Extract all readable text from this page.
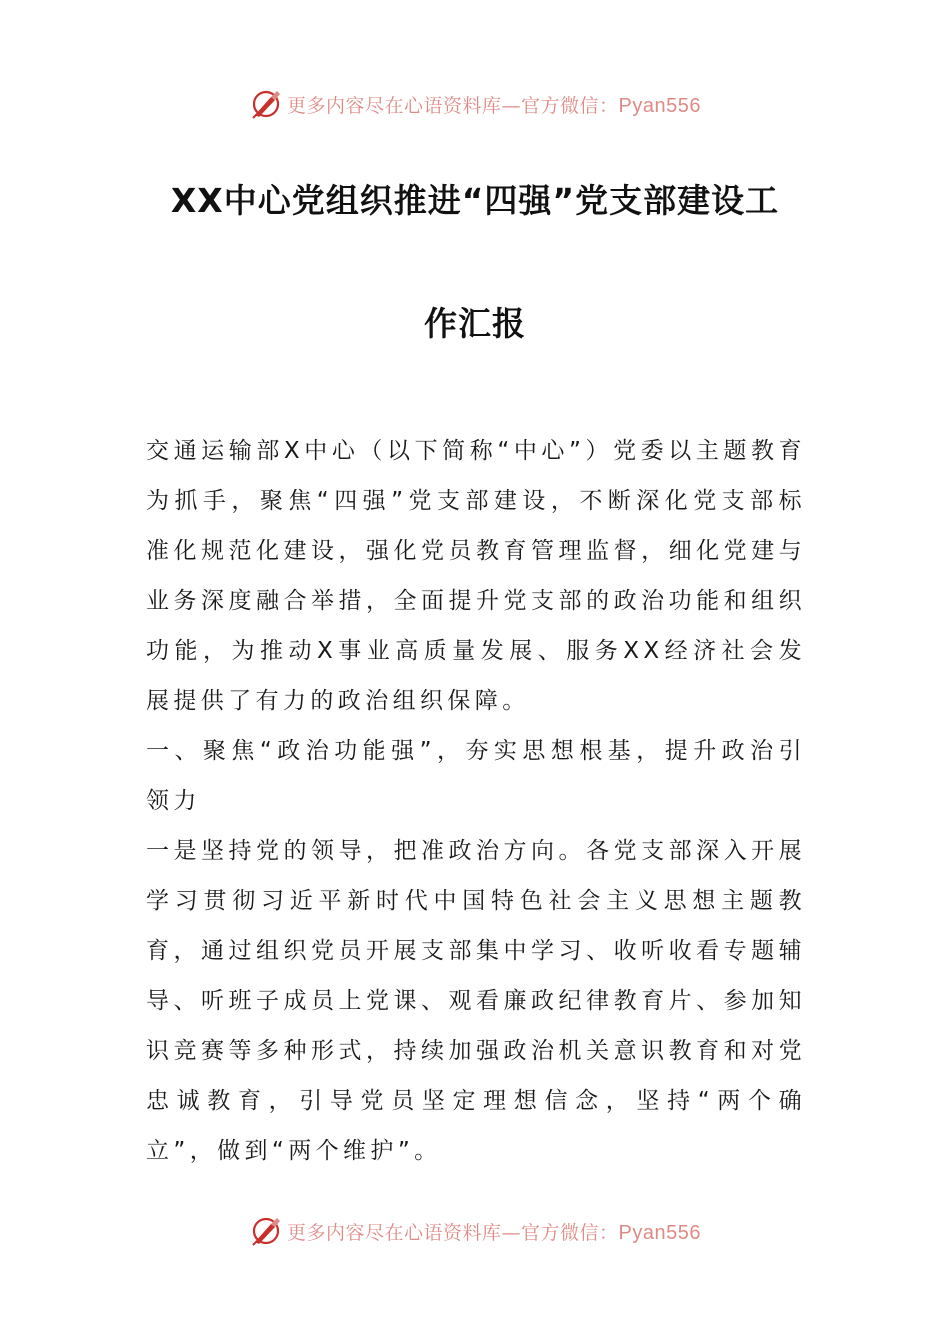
更多内容尽在心语资料库—官方微信：Pyan556
XX中心党组织推进“四强”党支部建设工
作汇报

交通运输部X中心（以下简称“中心”）党委以主题教育为抓手，聚焦“四强”党支部建设，不断深化党支部标准化规范化建设，强化党员教育管理监督，细化党建与业务深度融合举措，全面提升党支部的政治功能和组织功能，为推动X事业高质量发展、服务XX经济社会发展提供了有力的政治组织保障。

一、聚焦“政治功能强”，夯实思想根基，提升政治引领力

一是坚持党的领导，把准政治方向。各党支部深入开展学习贯彻习近平新时代中国特色社会主义思想主题教育，通过组织党员开展支部集中学习、收听收看专题辅导、听班子成员上党课、观看廉政纪律教育片、参加知识竞赛等多种形式，持续加强政治机关意识教育和对党忠诚教育，引导党员坚定理想信念，坚持“两个确立”，做到“两个维护”。

更多内容尽在心语资料库—官方微信：Pyan556
